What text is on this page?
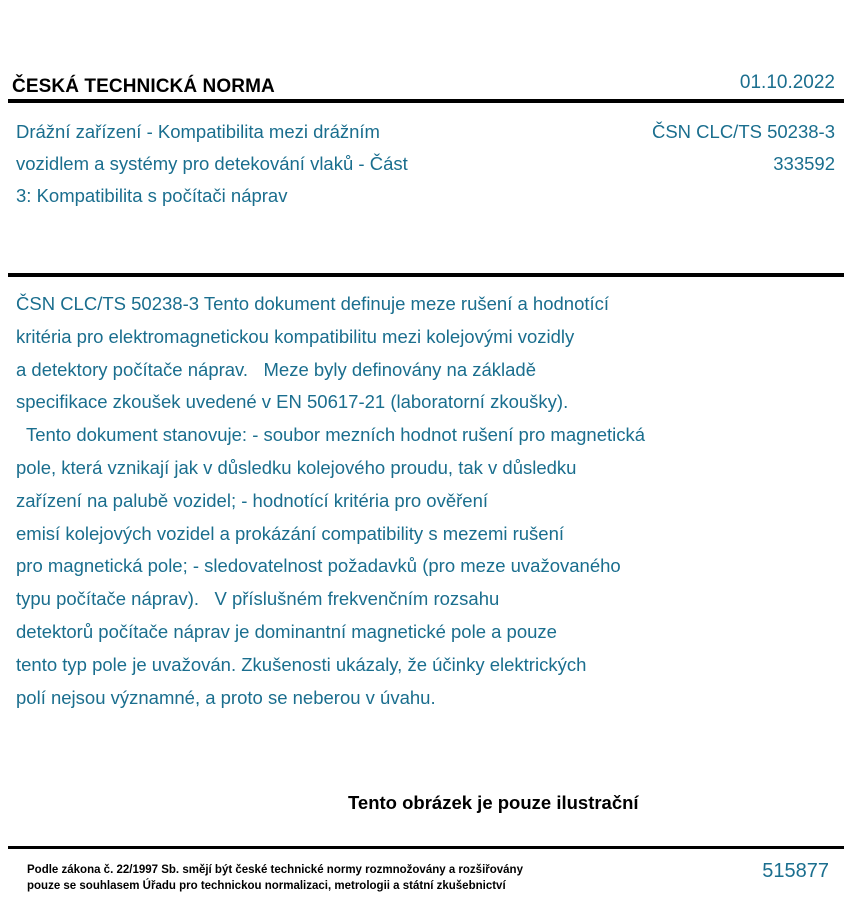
ČESKÁ TECHNICKÁ NORMA	01.10.2022
Drážní zařízení - Kompatibilita mezi drážním
vozidlem a systémy pro detekování vlaků - Část
3: Kompatibilita s počítači náprav
ČSN CLC/TS 50238-3
333592
ČSN CLC/TS 50238-3 Tento dokument definuje meze rušení a hodnotící
kritéria pro elektromagnetickou kompatibilitu mezi kolejovými vozidly
a detektory počítače náprav.   Meze byly definovány na základě
specifikace zkoušek uvedené v EN 50617-21 (laboratorní zkoušky).
Tento dokument stanovuje: - soubor mezních hodnot rušení pro magnetická
pole, která vznikají jak v důsledku kolejového proudu, tak v důsledku
zařízení na palubě vozidel; - hodnotící kritéria pro ověření
emisí kolejových vozidel a prokázání compatibility s mezemi rušení
pro magnetická pole; - sledovatelnost požadavků (pro meze uvažovaného
typu počítače náprav).   V příslušném frekvenčním rozsahu
detektorů počítače náprav je dominantní magnetické pole a pouze
tento typ pole je uvažován. Zkušenosti ukázaly, že účinky elektrických
polí nejsou významné, a proto se neberou v úvahu.
Tento obrázek je pouze ilustrační
Podle zákona č. 22/1997 Sb. smějí být české technické normy rozmnožovány a rozšiřovány
pouze se souhlasem Úřadu pro technickou normalizaci, metrologii a státní zkušebnictví
515877
